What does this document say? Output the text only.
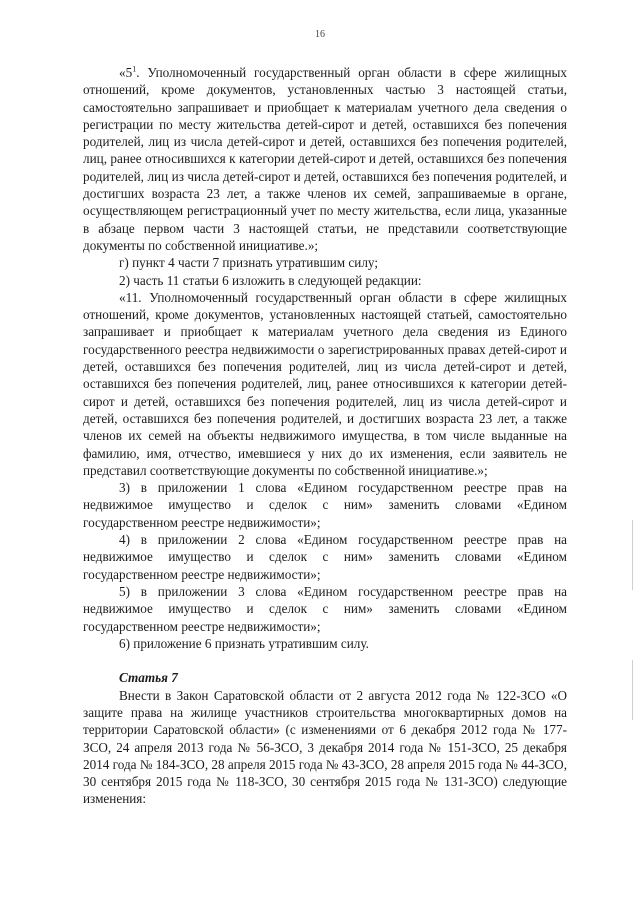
16

«$5^1$. Уполномоченный государственный орган области в сфере жилищных отношений, кроме документов, установленных частью 3 настоящей статьи, самостоятельно запрашивает и приобщает к материалам учетного дела сведения о регистрации по месту жительства детей-сирот и детей, оставшихся без попечения родителей, лиц из числа детей-сирот и детей, оставшихся без попечения родителей, лиц, ранее относившихся к категории детей-сирот и детей, оставшихся без попечения родителей, лиц из числа детей-сирот и детей, оставшихся без попечения родителей, и достигших возраста 23 лет, а также членов их семей, запрашиваемые в органе, осуществляющем регистрационный учет по месту жительства, если лица, указанные в абзаце первом части 3 настоящей статьи, не представили соответствующие документы по собственной инициативе.»;

г) пункт 4 части 7 признать утратившим силу;

2) часть 11 статьи 6 изложить в следующей редакции:

«11. Уполномоченный государственный орган области в сфере жилищных отношений, кроме документов, установленных настоящей статьей, самостоятельно запрашивает и приобщает к материалам учетного дела сведения из Единого государственного реестра недвижимости о зарегистрированных правах детей-сирот и детей, оставшихся без попечения родителей, лиц из числа детей-сирот и детей, оставшихся без попечения родителей, лиц, ранее относившихся к категории детей-сирот и детей, оставшихся без попечения родителей, лиц из числа детей-сирот и детей, оставшихся без попечения родителей, и достигших возраста 23 лет, а также членов их семей на объекты недвижимого имущества, в том числе выданные на фамилию, имя, отчество, имевшиеся у них до их изменения, если заявитель не представил соответствующие документы по собственной инициативе.»;

3) в приложении 1 слова «Едином государственном реестре прав на недвижимое имущество и сделок с ним» заменить словами «Едином государственном реестре недвижимости»;

4) в приложении 2 слова «Едином государственном реестре прав на недвижимое имущество и сделок с ним» заменить словами «Едином государственном реестре недвижимости»;

5) в приложении 3 слова «Едином государственном реестре прав на недвижимое имущество и сделок с ним» заменить словами «Едином государственном реестре недвижимости»;

6) приложение 6 признать утратившим силу.

Статья 7

Внести в Закон Саратовской области от 2 августа 2012 года № 122-ЗСО «О защите права на жилище участников строительства многоквартирных домов на территории Саратовской области» (с изменениями от 6 декабря 2012 года № 177-ЗСО, 24 апреля 2013 года № 56-ЗСО, 3 декабря 2014 года № 151-ЗСО, 25 декабря 2014 года № 184-ЗСО, 28 апреля 2015 года № 43-ЗСО, 28 апреля 2015 года № 44-ЗСО, 30 сентября 2015 года № 118-ЗСО, 30 сентября 2015 года № 131-ЗСО) следующие изменения:
